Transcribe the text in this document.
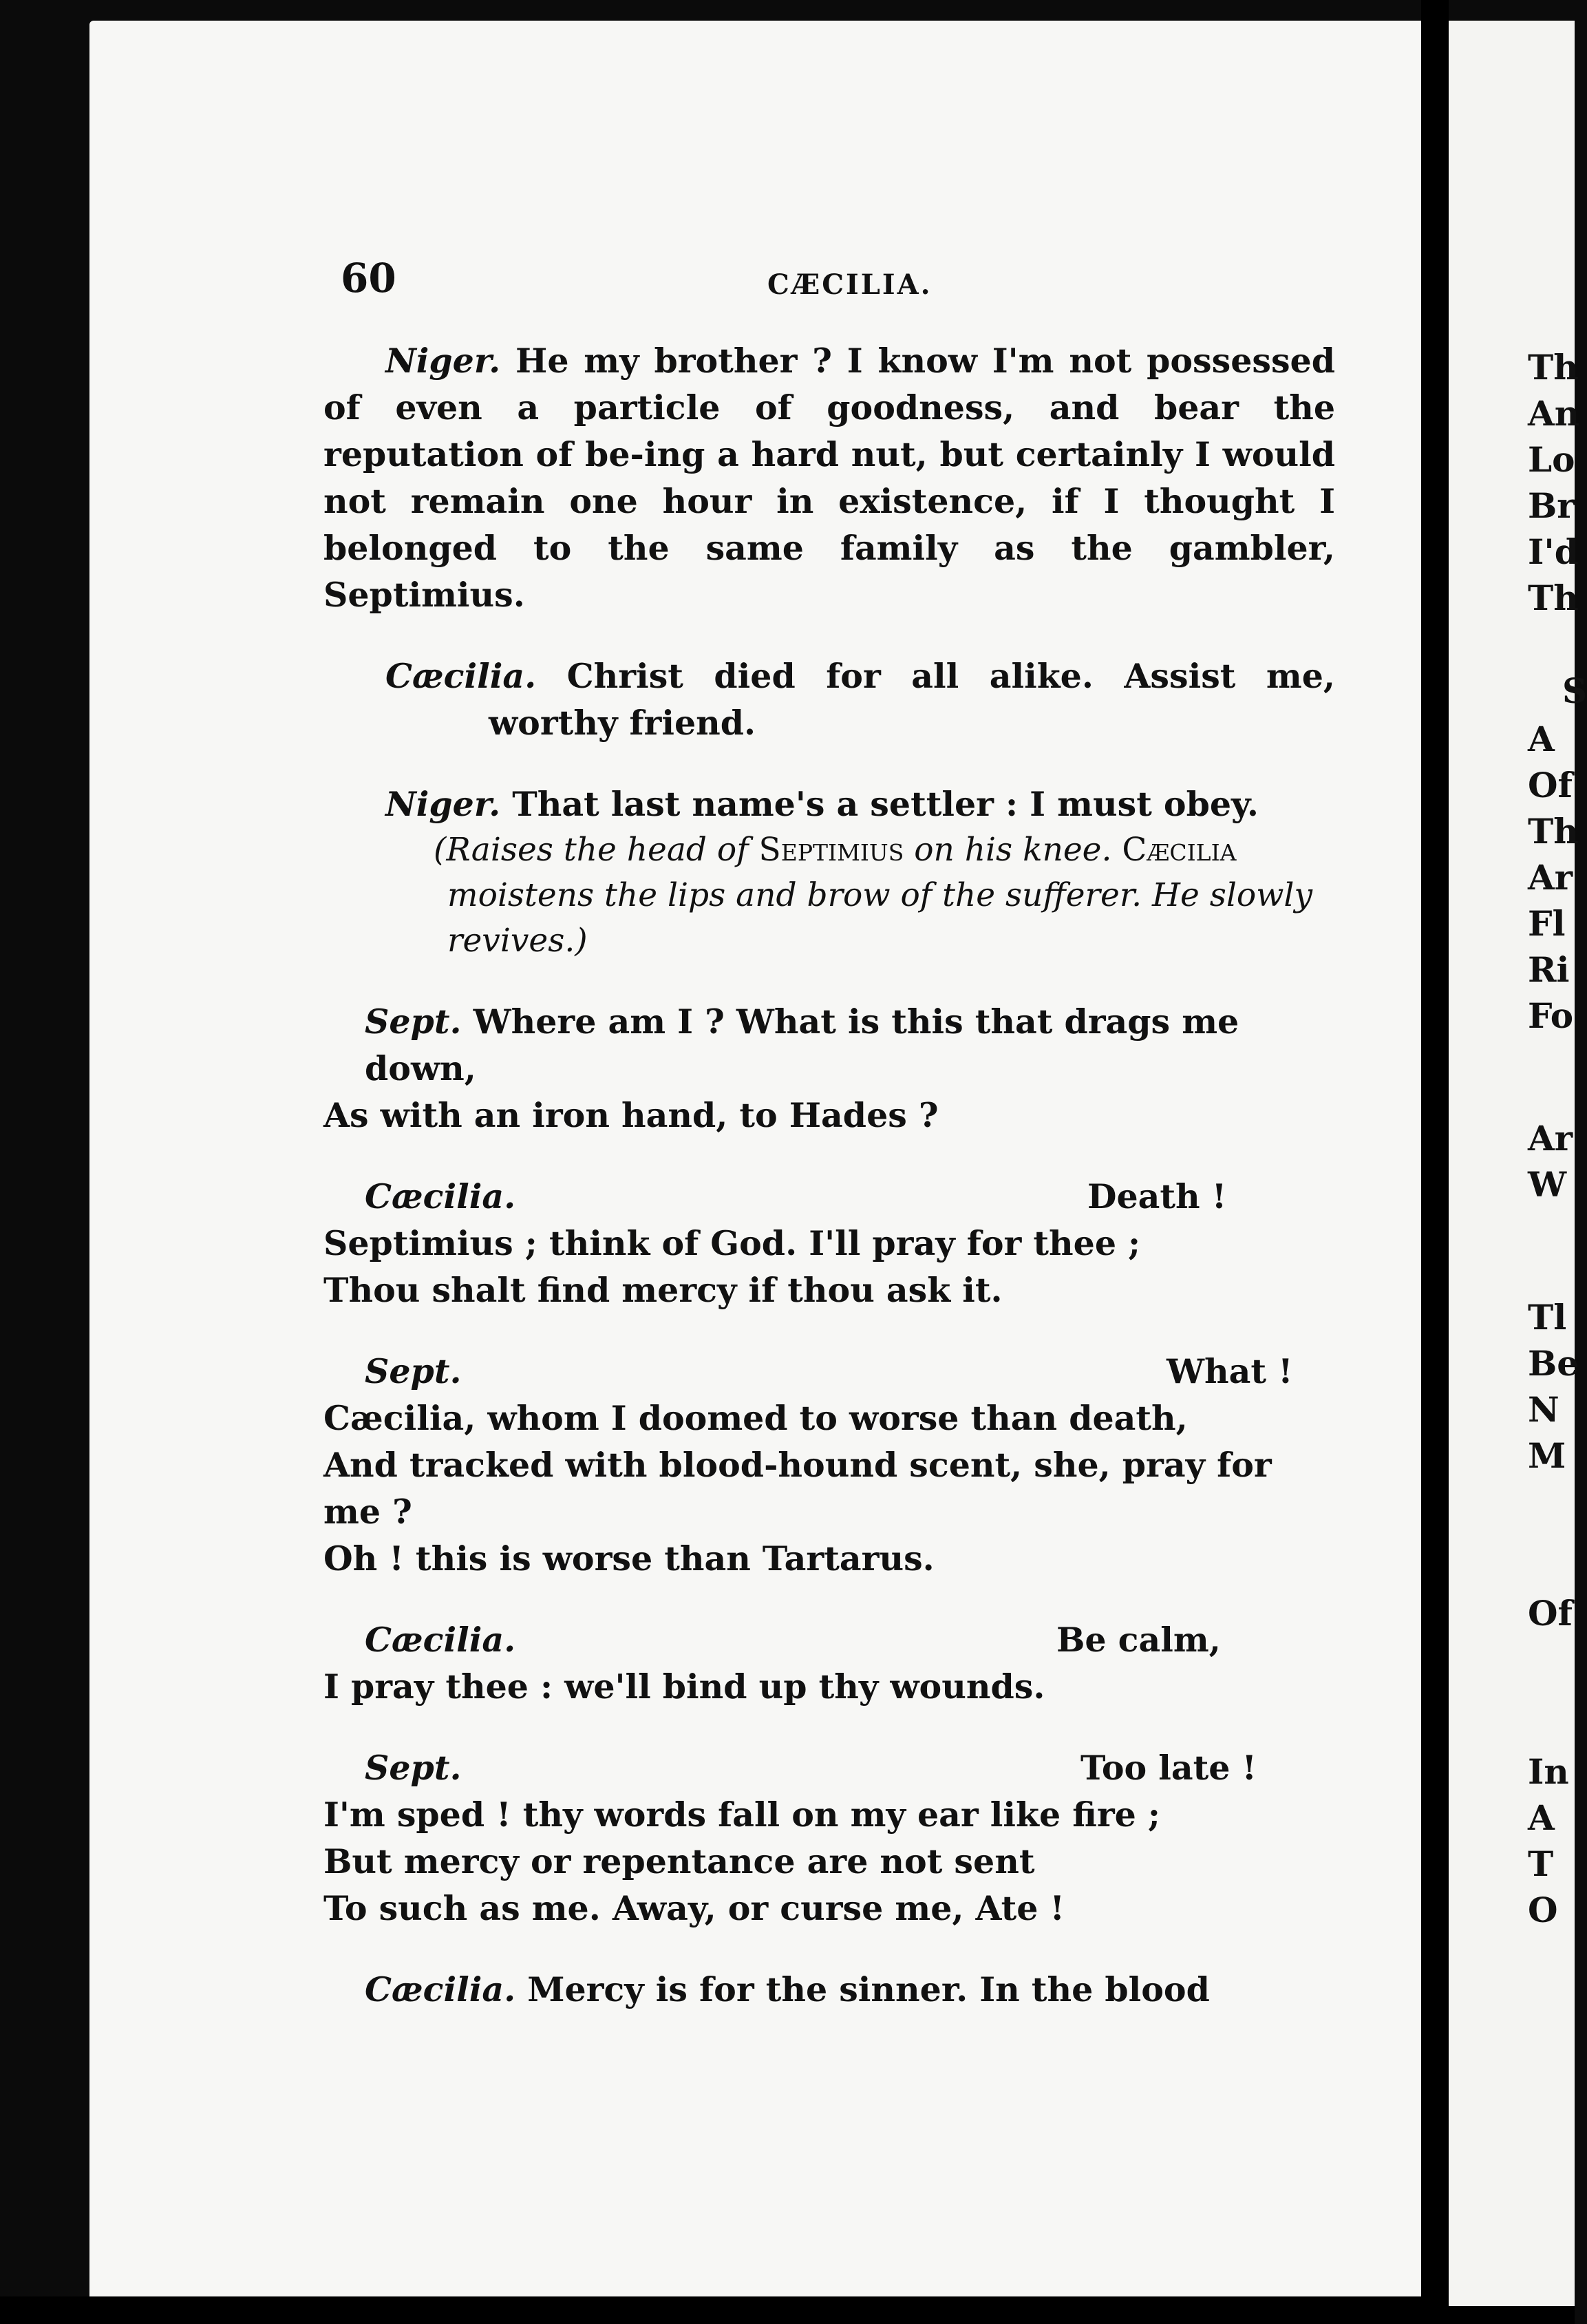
60	CÆCILIA.

Niger. He my brother ? I know I'm not possessed of even a particle of goodness, and bear the reputation of be-ing a hard nut, but certainly I would not remain one hour in existence, if I thought I belonged to the same family as the gambler, Septimius.

Cæcilia. Christ died for all alike. Assist me, worthy friend.

Niger. That last name's a settler : I must obey.

(Raises the head of Septimius on his knee. Cæcilia moistens the lips and brow of the sufferer. He slowly revives.)

Sept. Where am I ? What is this that drags me down,
As with an iron hand, to Hades ?
Cæcilia.	Death !
Septimius ; think of God. I'll pray for thee ;
Thou shalt find mercy if thou ask it.
Sept.	What !
Cæcilia, whom I doomed to worse than death,
And tracked with blood-hound scent, she, pray for me ?
Oh ! this is worse than Tartarus.
Cæcilia.	Be calm,
I pray thee : we'll bind up thy wounds.
Sept.	Too late !
I'm sped ! thy words fall on my ear like fire ;
But mercy or repentance are not sent
To such as me. Away, or curse me, Ate !
Cæcilia. Mercy is for the sinner. In the blood
Th
An
Lo
Br
I'd
Th
S
A
Of
Th
Ar
Fl
Ri
Fo
Ar
W
Tl
Be
N
M
Of
In
A
T
O
